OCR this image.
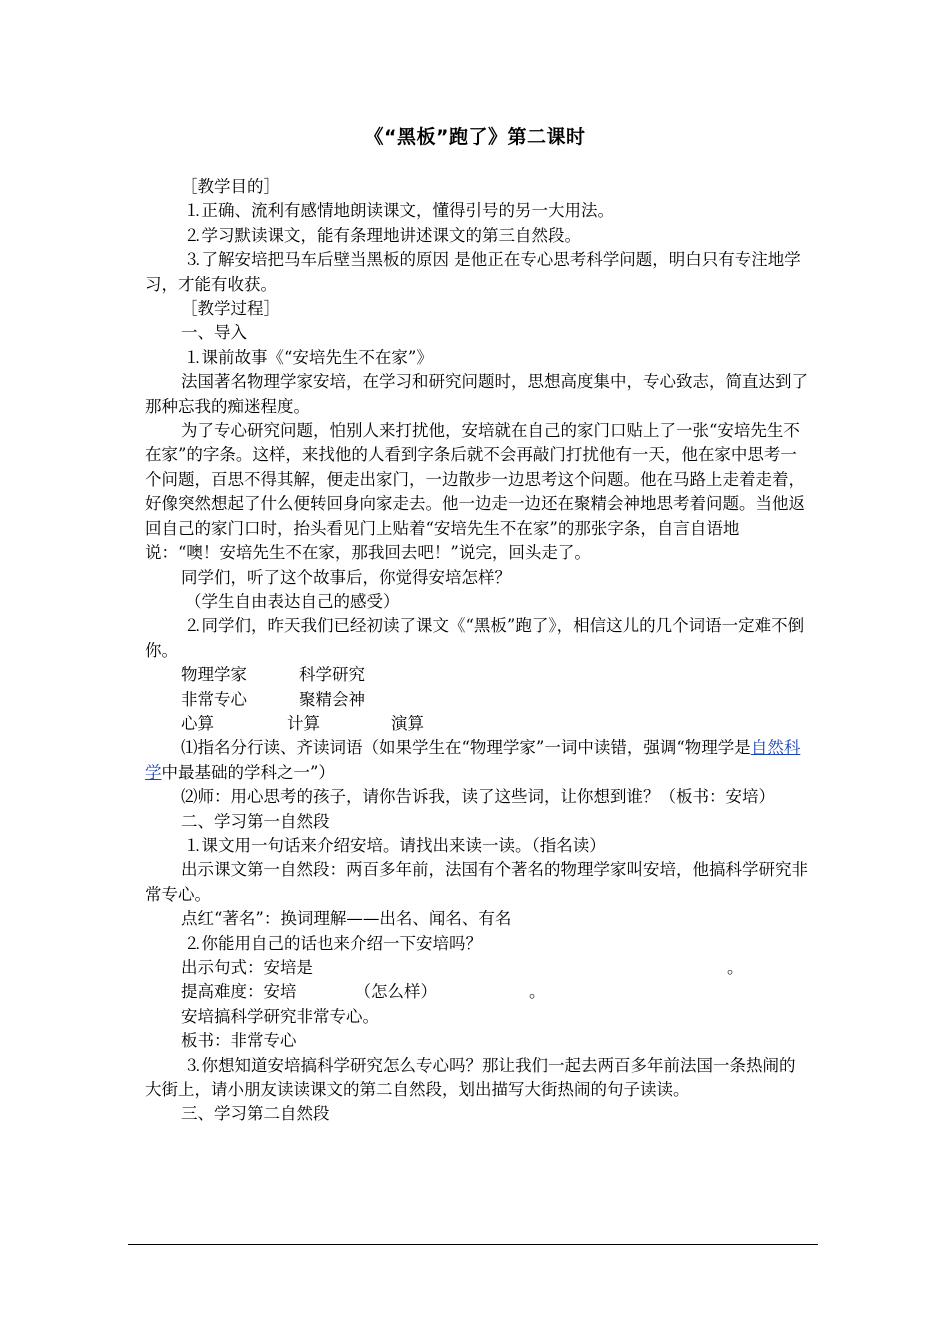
《“黑板”跑了》第二课时

［教学目的］

⒈正确、流利有感情地朗读课文，懂得引号的另一大用法。

⒉学习默读课文，能有条理地讲述课文的第三自然段。

⒊了解安培把马车后壁当黑板的原因 是他正在专心思考科学问题，明白只有专注地学习，才能有收获。

［教学过程］

一、导入

⒈课前故事《“安培先生不在家”》

法国著名物理学家安培，在学习和研究问题时，思想高度集中，专心致志，简直达到了那种忘我的痴迷程度。

为了专心研究问题，怕别人来打扰他，安培就在自己的家门口贴上了一张“安培先生不在家”的字条。这样，来找他的人看到字条后就不会再敲门打扰他有一天，他在家中思考一个问题，百思不得其解，便走出家门，一边散步一边思考这个问题。他在马路上走着走着，好像突然想起了什么便转回身向家走去。他一边走一边还在聚精会神地思考着问题。当他返回自己的家门口时，抬头看见门上贴着“安培先生不在家”的那张字条，自言自语地说：“噢！安培先生不在家，那我回去吧！”说完，回头走了。

同学们，听了这个故事后，你觉得安培怎样？

（学生自由表达自己的感受）

⒉同学们，昨天我们已经初读了课文《“黑板”跑了》，相信这儿的几个词语一定难不倒你。

物理学家	科学研究
非常专心	聚精会神
心算	计算	演算

⑴指名分行读、齐读词语（如果学生在“物理学家”一词中读错，强调“物理学是自然科学中最基础的学科之一”）

⑵师：用心思考的孩子，请你告诉我，读了这些词，让你想到谁？（板书：安培）

二、学习第一自然段

⒈课文用一句话来介绍安培。请找出来读一读。（指名读）

出示课文第一自然段：两百多年前，法国有个著名的物理学家叫安培，他搞科学研究非常专心。

点红“著名”：换词理解——出名、闻名、有名

⒉你能用自己的话也来介绍一下安培吗？

出示句式：安培是	。

提高难度：安培	（怎么样）	。

安培搞科学研究非常专心。

板书：非常专心

⒊你想知道安培搞科学研究怎么专心吗？那让我们一起去两百多年前法国一条热闹的大街上，请小朋友读读课文的第二自然段，划出描写大街热闹的句子读读。

三、学习第二自然段
